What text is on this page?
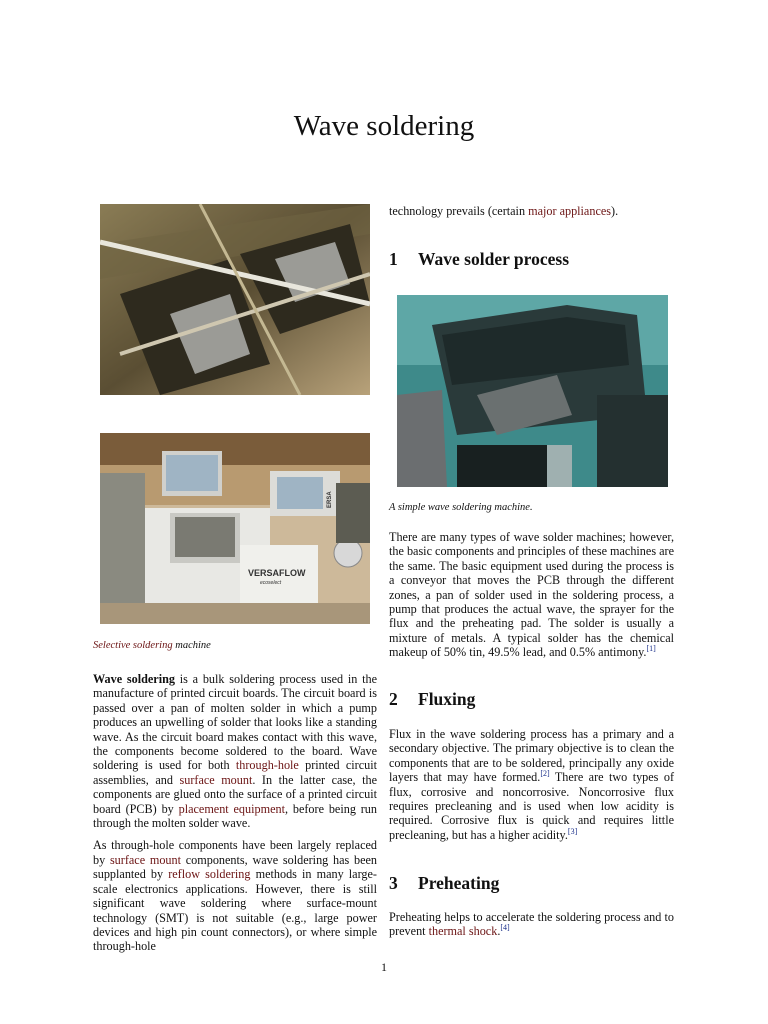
Wave soldering
VERSAFLOW
ecoselect
ERSA
Selective soldering machine
A simple wave soldering machine.

Wave soldering is a bulk soldering process used in the manufacture of printed circuit boards. The circuit board is passed over a pan of molten solder in which a pump produces an upwelling of solder that looks like a standing wave. As the circuit board makes contact with this wave, the components become soldered to the board. Wave soldering is used for both through-hole printed circuit assemblies, and surface mount. In the latter case, the components are glued onto the surface of a printed circuit board (PCB) by placement equipment, before being run through the molten solder wave.

As through-hole components have been largely replaced by surface mount components, wave soldering has been supplanted by reflow soldering methods in many large-scale electronics applications. However, there is still significant wave soldering where surface-mount technology (SMT) is not suitable (e.g., large power devices and high pin count connectors), or where simple through-hole

technology prevails (certain major appliances).

1 Wave solder process

There are many types of wave solder machines; however, the basic components and principles of these machines are the same. The basic equipment used during the process is a conveyor that moves the PCB through the different zones, a pan of solder used in the soldering process, a pump that produces the actual wave, the sprayer for the flux and the preheating pad. The solder is usually a mixture of metals. A typical solder has the chemical makeup of 50% tin, 49.5% lead, and 0.5% antimony.[1]

2 Fluxing

Flux in the wave soldering process has a primary and a secondary objective. The primary objective is to clean the components that are to be soldered, principally any oxide layers that may have formed.[2] There are two types of flux, corrosive and noncorrosive. Noncorrosive flux requires precleaning and is used when low acidity is required. Corrosive flux is quick and requires little precleaning, but has a higher acidity.[3]

3 Preheating

Preheating helps to accelerate the soldering process and to prevent thermal shock.[4]

1
